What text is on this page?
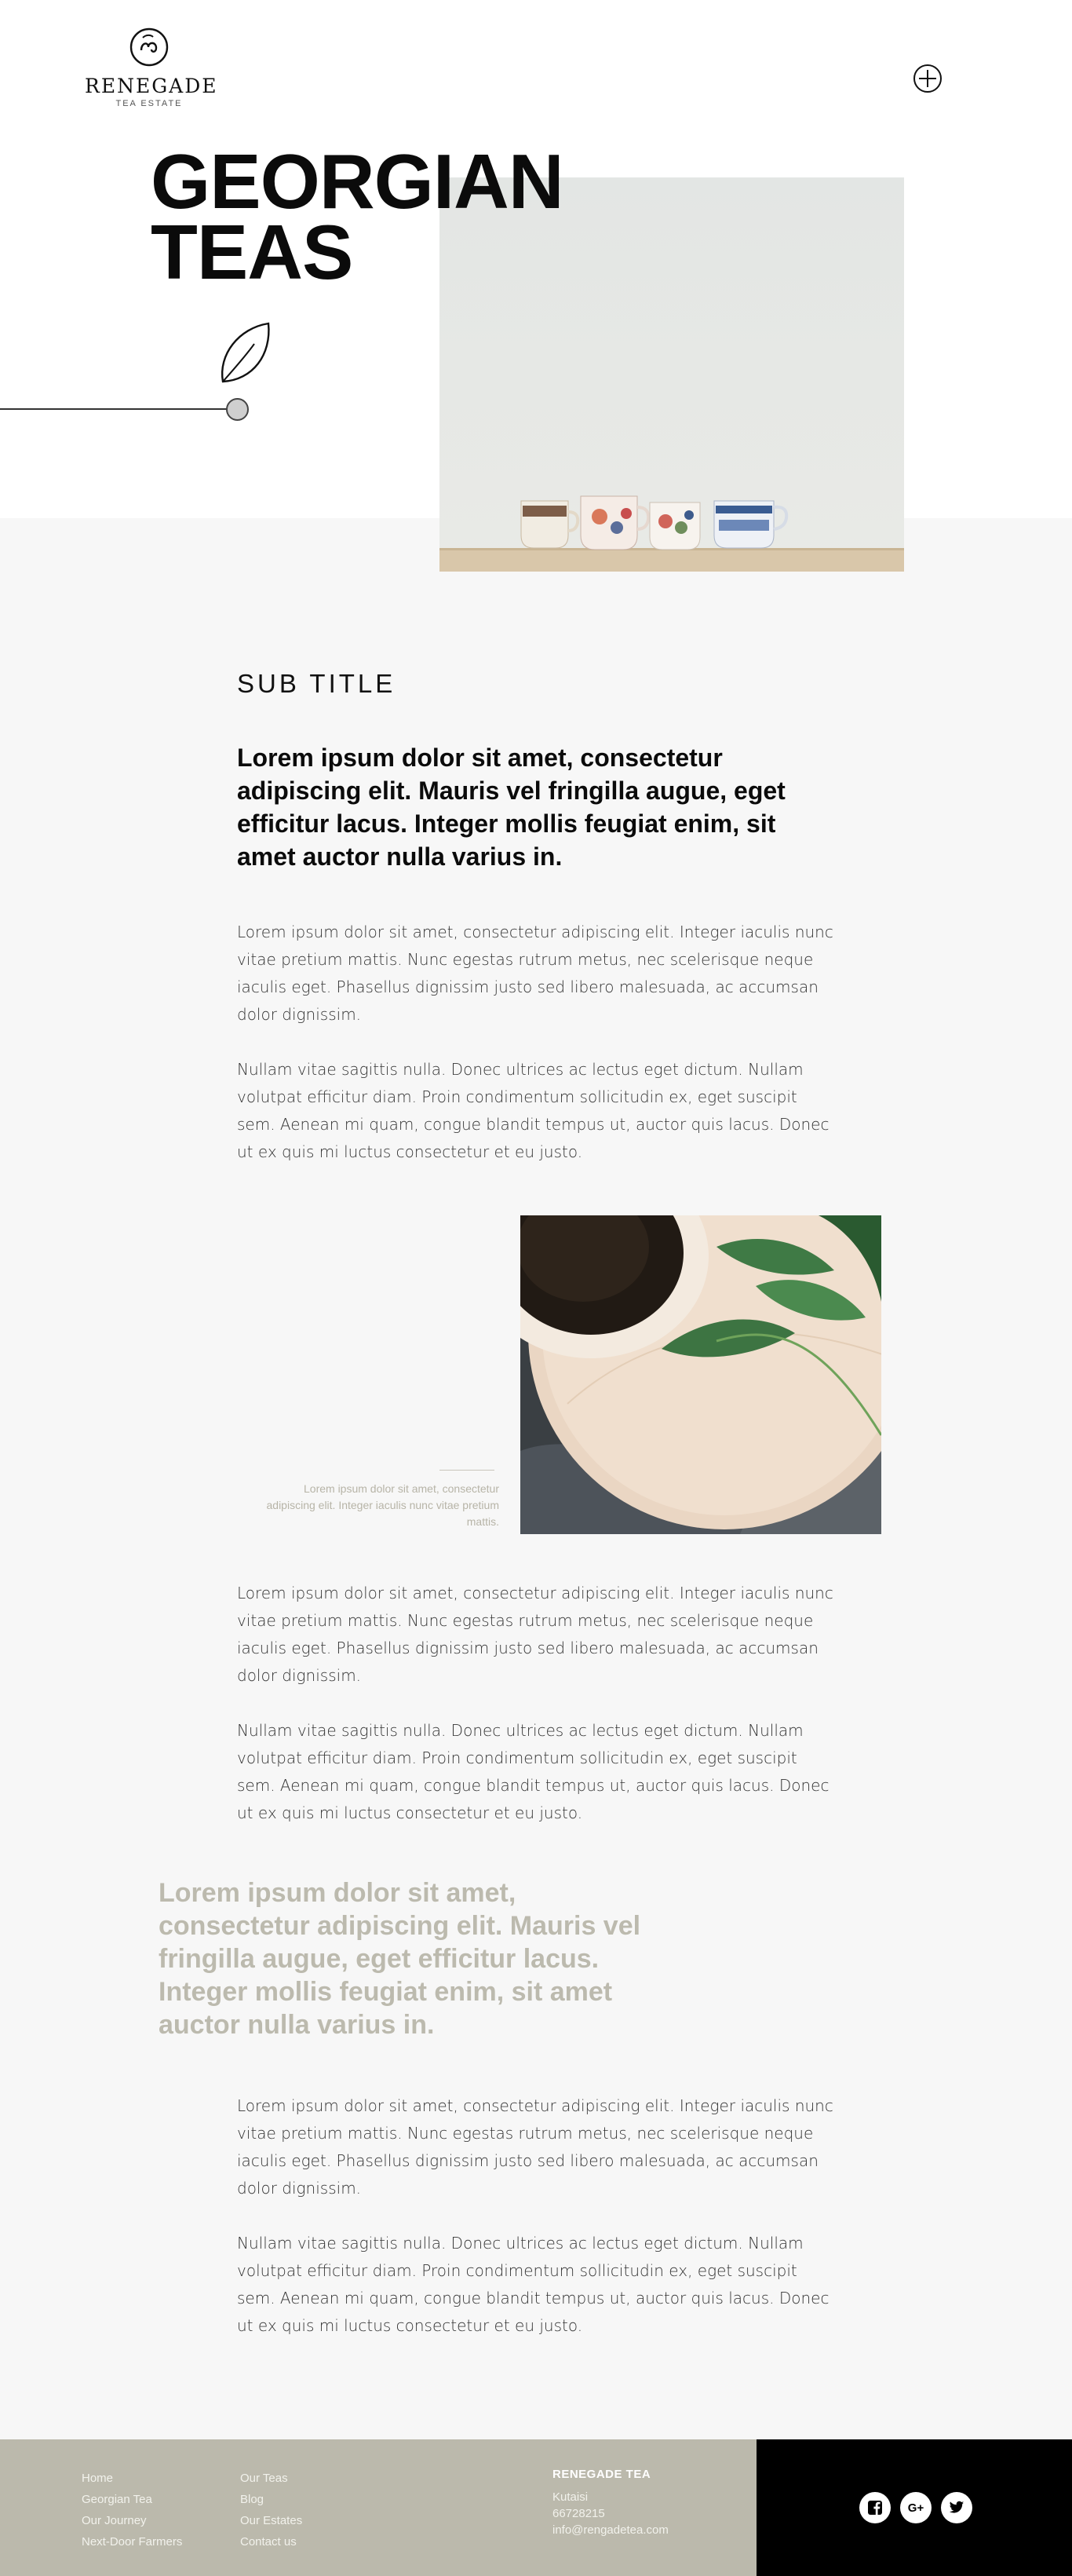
RENEGADE
TEA ESTATE
GEORGIAN
TEAS
SUB TITLE
Lorem ipsum dolor sit amet, consectetur adipiscing elit. Mauris vel fringilla augue, eget efficitur lacus. Integer mollis feugiat enim, sit amet auctor nulla varius in.
Lorem ipsum dolor sit amet, consectetur adipiscing elit. Integer iaculis nunc vitae pretium mattis. Nunc egestas rutrum metus, nec scelerisque neque iaculis eget. Phasellus dignissim justo sed libero malesuada, ac accumsan dolor dignissim.
Nullam vitae sagittis nulla. Donec ultrices ac lectus eget dictum. Nullam volutpat efficitur diam. Proin condimentum sollicitudin ex, eget suscipit sem. Aenean mi quam, congue blandit tempus ut, auctor quis lacus. Donec ut ex quis mi luctus consectetur et eu justo.
Lorem ipsum dolor sit amet, consectetur adipiscing elit. Integer iaculis nunc vitae pretium mattis.
Lorem ipsum dolor sit amet, consectetur adipiscing elit. Integer iaculis nunc vitae pretium mattis. Nunc egestas rutrum metus, nec scelerisque neque iaculis eget. Phasellus dignissim justo sed libero malesuada, ac accumsan dolor dignissim.
Nullam vitae sagittis nulla. Donec ultrices ac lectus eget dictum. Nullam volutpat efficitur diam. Proin condimentum sollicitudin ex, eget suscipit sem. Aenean mi quam, congue blandit tempus ut, auctor quis lacus. Donec ut ex quis mi luctus consectetur et eu justo.
Lorem ipsum dolor sit amet, consectetur adipiscing elit. Mauris vel fringilla augue, eget efficitur lacus. Integer mollis feugiat enim, sit amet auctor nulla varius in.
Lorem ipsum dolor sit amet, consectetur adipiscing elit. Integer iaculis nunc vitae pretium mattis. Nunc egestas rutrum metus, nec scelerisque neque iaculis eget. Phasellus dignissim justo sed libero malesuada, ac accumsan dolor dignissim.
Nullam vitae sagittis nulla. Donec ultrices ac lectus eget dictum. Nullam volutpat efficitur diam. Proin condimentum sollicitudin ex, eget suscipit sem. Aenean mi quam, congue blandit tempus ut, auctor quis lacus. Donec ut ex quis mi luctus consectetur et eu justo.
Home
Georgian Tea
Our Journey
Next-Door Farmers
Our Teas
Blog
Our Estates
Contact us
RENEGADE TEA
Kutaisi
66728215
info@rengadetea.com
G+
